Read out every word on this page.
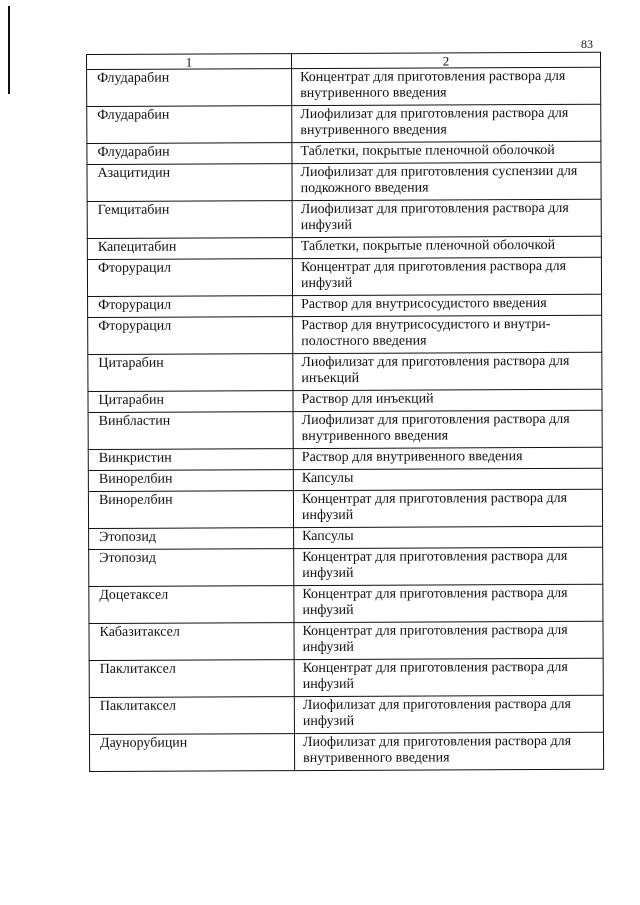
83
1	2
Флударабин	Концентрат для приготовления раствора для внутривенного введения
Флударабин	Лиофилизат для приготовления раствора для внутривенного введения
Флударабин	Таблетки, покрытые пленочной оболочкой
Азацитидин	Лиофилизат для приготовления суспензии для подкожного введения
Гемцитабин	Лиофилизат для приготовления раствора для инфузий
Капецитабин	Таблетки, покрытые пленочной оболочкой
Фторурацил	Концентрат для приготовления раствора для инфузий
Фторурацил	Раствор для внутрисосудистого введения
Фторурацил	Раствор для внутрисосудистого и внутри-полостного введения
Цитарабин	Лиофилизат для приготовления раствора для инъекций
Цитарабин	Раствор для инъекций
Винбластин	Лиофилизат для приготовления раствора для внутривенного введения
Винкристин	Раствор для внутривенного введения
Винорелбин	Капсулы
Винорелбин	Концентрат для приготовления раствора для инфузий
Этопозид	Капсулы
Этопозид	Концентрат для приготовления раствора для инфузий
Доцетаксел	Концентрат для приготовления раствора для инфузий
Кабазитаксел	Концентрат для приготовления раствора для инфузий
Паклитаксел	Концентрат для приготовления раствора для инфузий
Паклитаксел	Лиофилизат для приготовления раствора для инфузий
Даунорубицин	Лиофилизат для приготовления раствора для внутривенного введения
